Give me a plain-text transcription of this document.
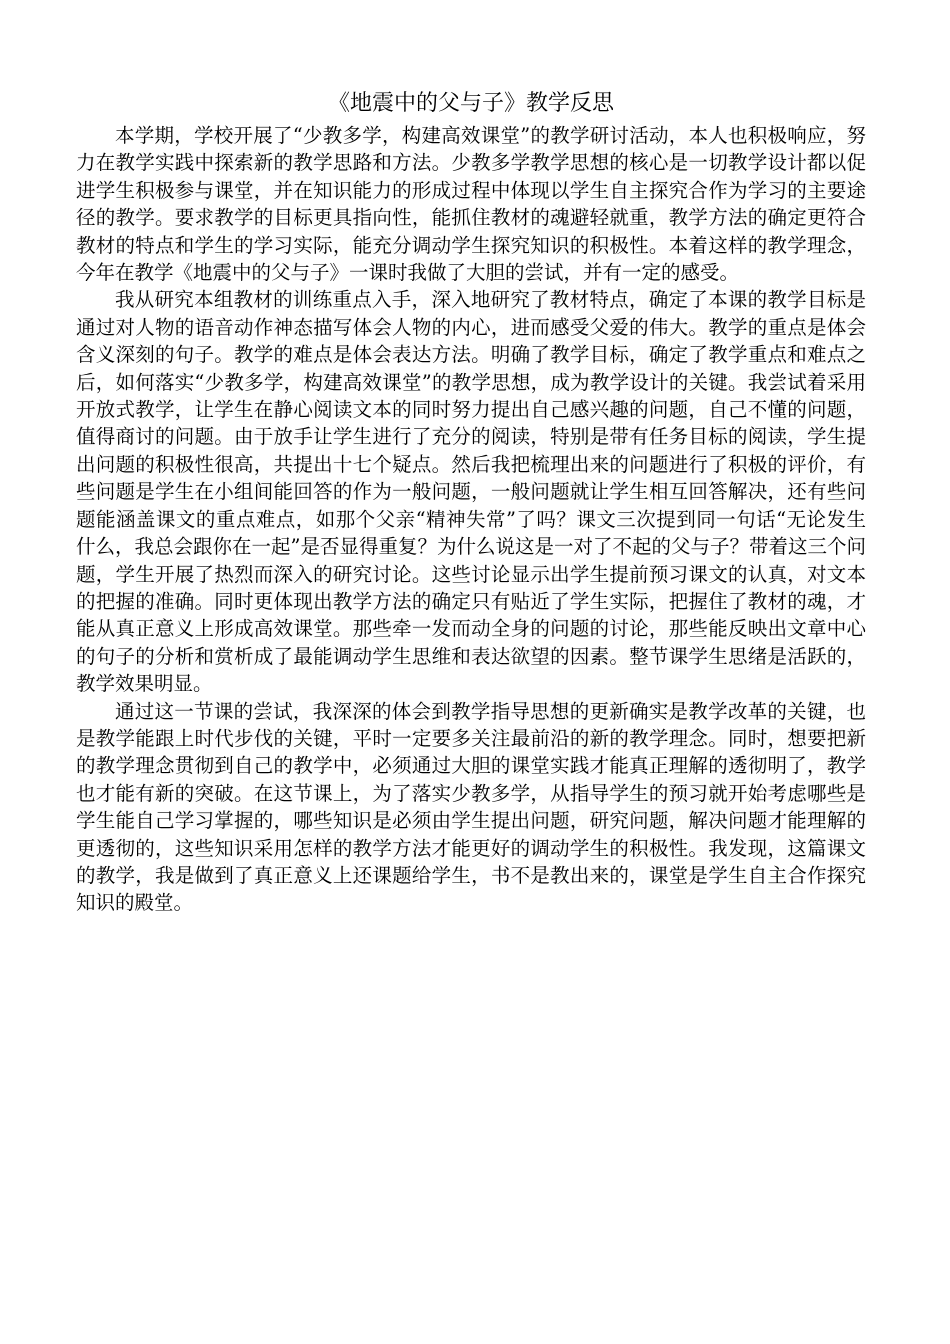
《地震中的父与子》教学反思

本学期，学校开展了“少教多学，构建高效课堂”的教学研讨活动，本人也积极响应，努力在教学实践中探索新的教学思路和方法。少教多学教学思想的核心是一切教学设计都以促进学生积极参与课堂，并在知识能力的形成过程中体现以学生自主探究合作为学习的主要途径的教学。要求教学的目标更具指向性，能抓住教材的魂避轻就重，教学方法的确定更符合教材的特点和学生的学习实际，能充分调动学生探究知识的积极性。本着这样的教学理念，今年在教学《地震中的父与子》一课时我做了大胆的尝试，并有一定的感受。

我从研究本组教材的训练重点入手，深入地研究了教材特点，确定了本课的教学目标是通过对人物的语音动作神态描写体会人物的内心，进而感受父爱的伟大。教学的重点是体会含义深刻的句子。教学的难点是体会表达方法。明确了教学目标，确定了教学重点和难点之后，如何落实“少教多学，构建高效课堂”的教学思想，成为教学设计的关键。我尝试着采用开放式教学，让学生在静心阅读文本的同时努力提出自己感兴趣的问题，自己不懂的问题，值得商讨的问题。由于放手让学生进行了充分的阅读，特别是带有任务目标的阅读，学生提出问题的积极性很高，共提出十七个疑点。然后我把梳理出来的问题进行了积极的评价，有些问题是学生在小组间能回答的作为一般问题，一般问题就让学生相互回答解决，还有些问题能涵盖课文的重点难点，如那个父亲“精神失常”了吗？课文三次提到同一句话“无论发生什么，我总会跟你在一起”是否显得重复？为什么说这是一对了不起的父与子？带着这三个问题，学生开展了热烈而深入的研究讨论。这些讨论显示出学生提前预习课文的认真，对文本的把握的准确。同时更体现出教学方法的确定只有贴近了学生实际，把握住了教材的魂，才能从真正意义上形成高效课堂。那些牵一发而动全身的问题的讨论，那些能反映出文章中心的句子的分析和赏析成了最能调动学生思维和表达欲望的因素。整节课学生思绪是活跃的，教学效果明显。

通过这一节课的尝试，我深深的体会到教学指导思想的更新确实是教学改革的关键，也是教学能跟上时代步伐的关键，平时一定要多关注最前沿的新的教学理念。同时，想要把新的教学理念贯彻到自己的教学中，必须通过大胆的课堂实践才能真正理解的透彻明了，教学也才能有新的突破。在这节课上，为了落实少教多学，从指导学生的预习就开始考虑哪些是学生能自己学习掌握的，哪些知识是必须由学生提出问题，研究问题，解决问题才能理解的更透彻的，这些知识采用怎样的教学方法才能更好的调动学生的积极性。我发现，这篇课文的教学，我是做到了真正意义上还课题给学生，书不是教出来的，课堂是学生自主合作探究知识的殿堂。
